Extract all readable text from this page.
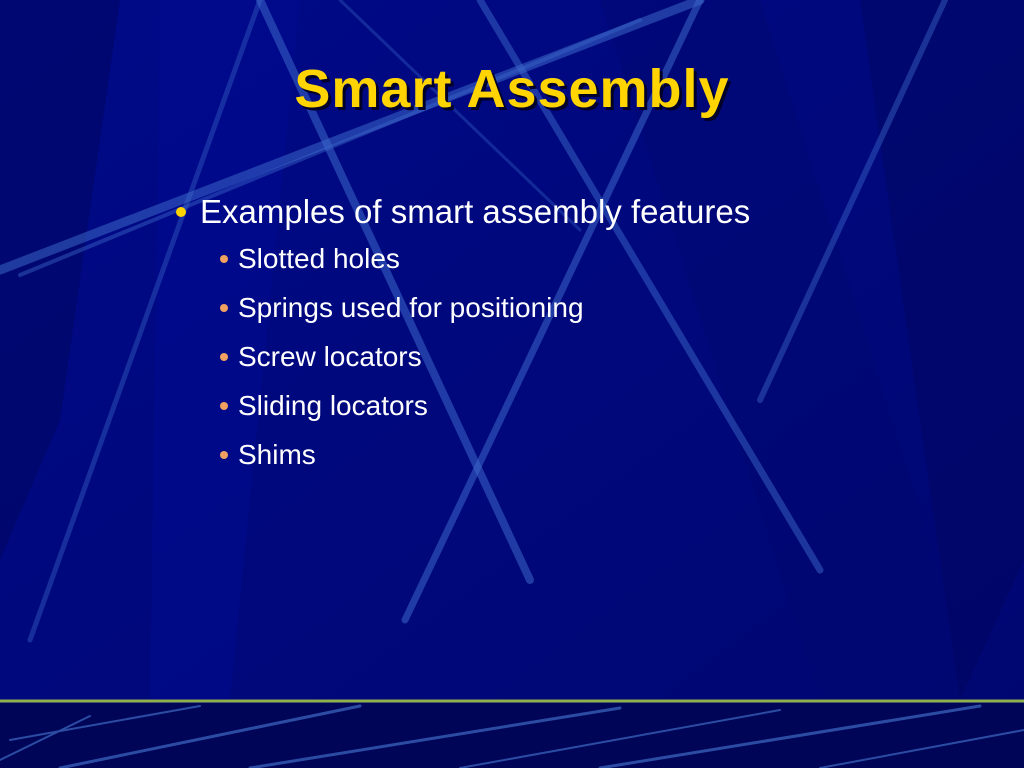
Smart Assembly
Examples of smart assembly features
Slotted holes
Springs used for positioning
Screw locators
Sliding locators
Shims
